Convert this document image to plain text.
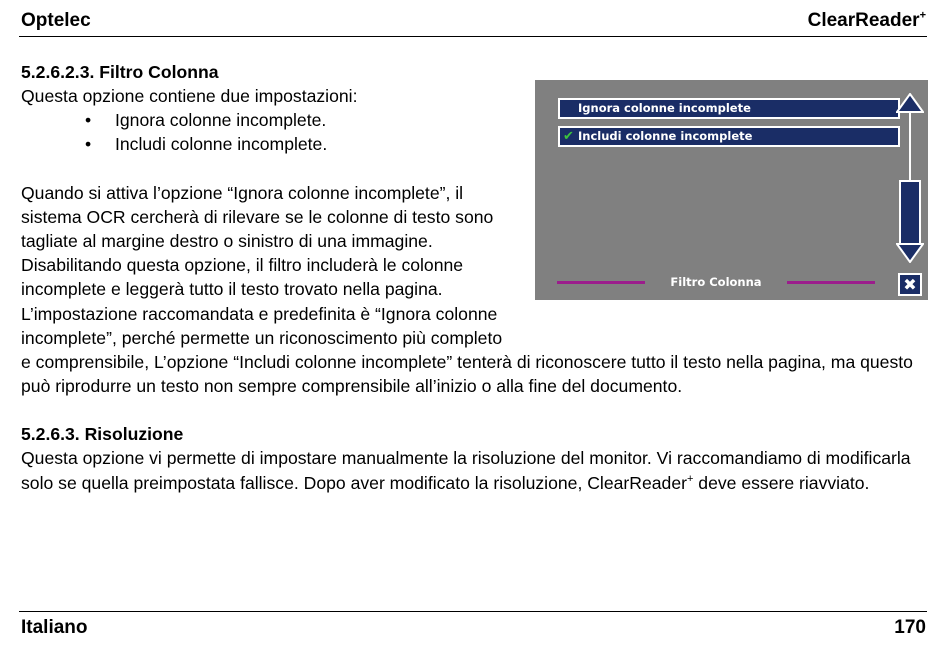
Optelec	ClearReader+
5.2.6.2.3. Filtro Colonna

Questa opzione contiene due impostazioni:

• Ignora colonne incomplete.
• Includi colonne incomplete.

Quando si attiva l’opzione “Ignora colonne incomplete”, il sistema OCR cercherà di rilevare se le colonne di testo sono tagliate al margine destro o sinistro di una immagine. Disabilitando questa opzione, il filtro includerà le colonne incomplete e leggerà tutto il testo trovato nella pagina. L’impostazione raccomandata e predefinita è “Ignora colonne incomplete”, perché permette un riconoscimento più completo e comprensibile, L’opzione “Includi colonne incomplete” tenterà di riconoscere tutto il testo nella pagina, ma questo può riprodurre un testo non sempre comprensibile all’inizio o alla fine del documento.

5.2.6.3. Risoluzione

Questa opzione vi permette di impostare manualmente la risoluzione del monitor. Vi raccomandiamo di modificarla solo se quella preimpostata fallisce. Dopo aver modificato la risoluzione, ClearReader+ deve essere riavviato.

Ignora colonne incomplete
✔ Includi colonne incomplete
Filtro Colonna	✖
Italiano	170
